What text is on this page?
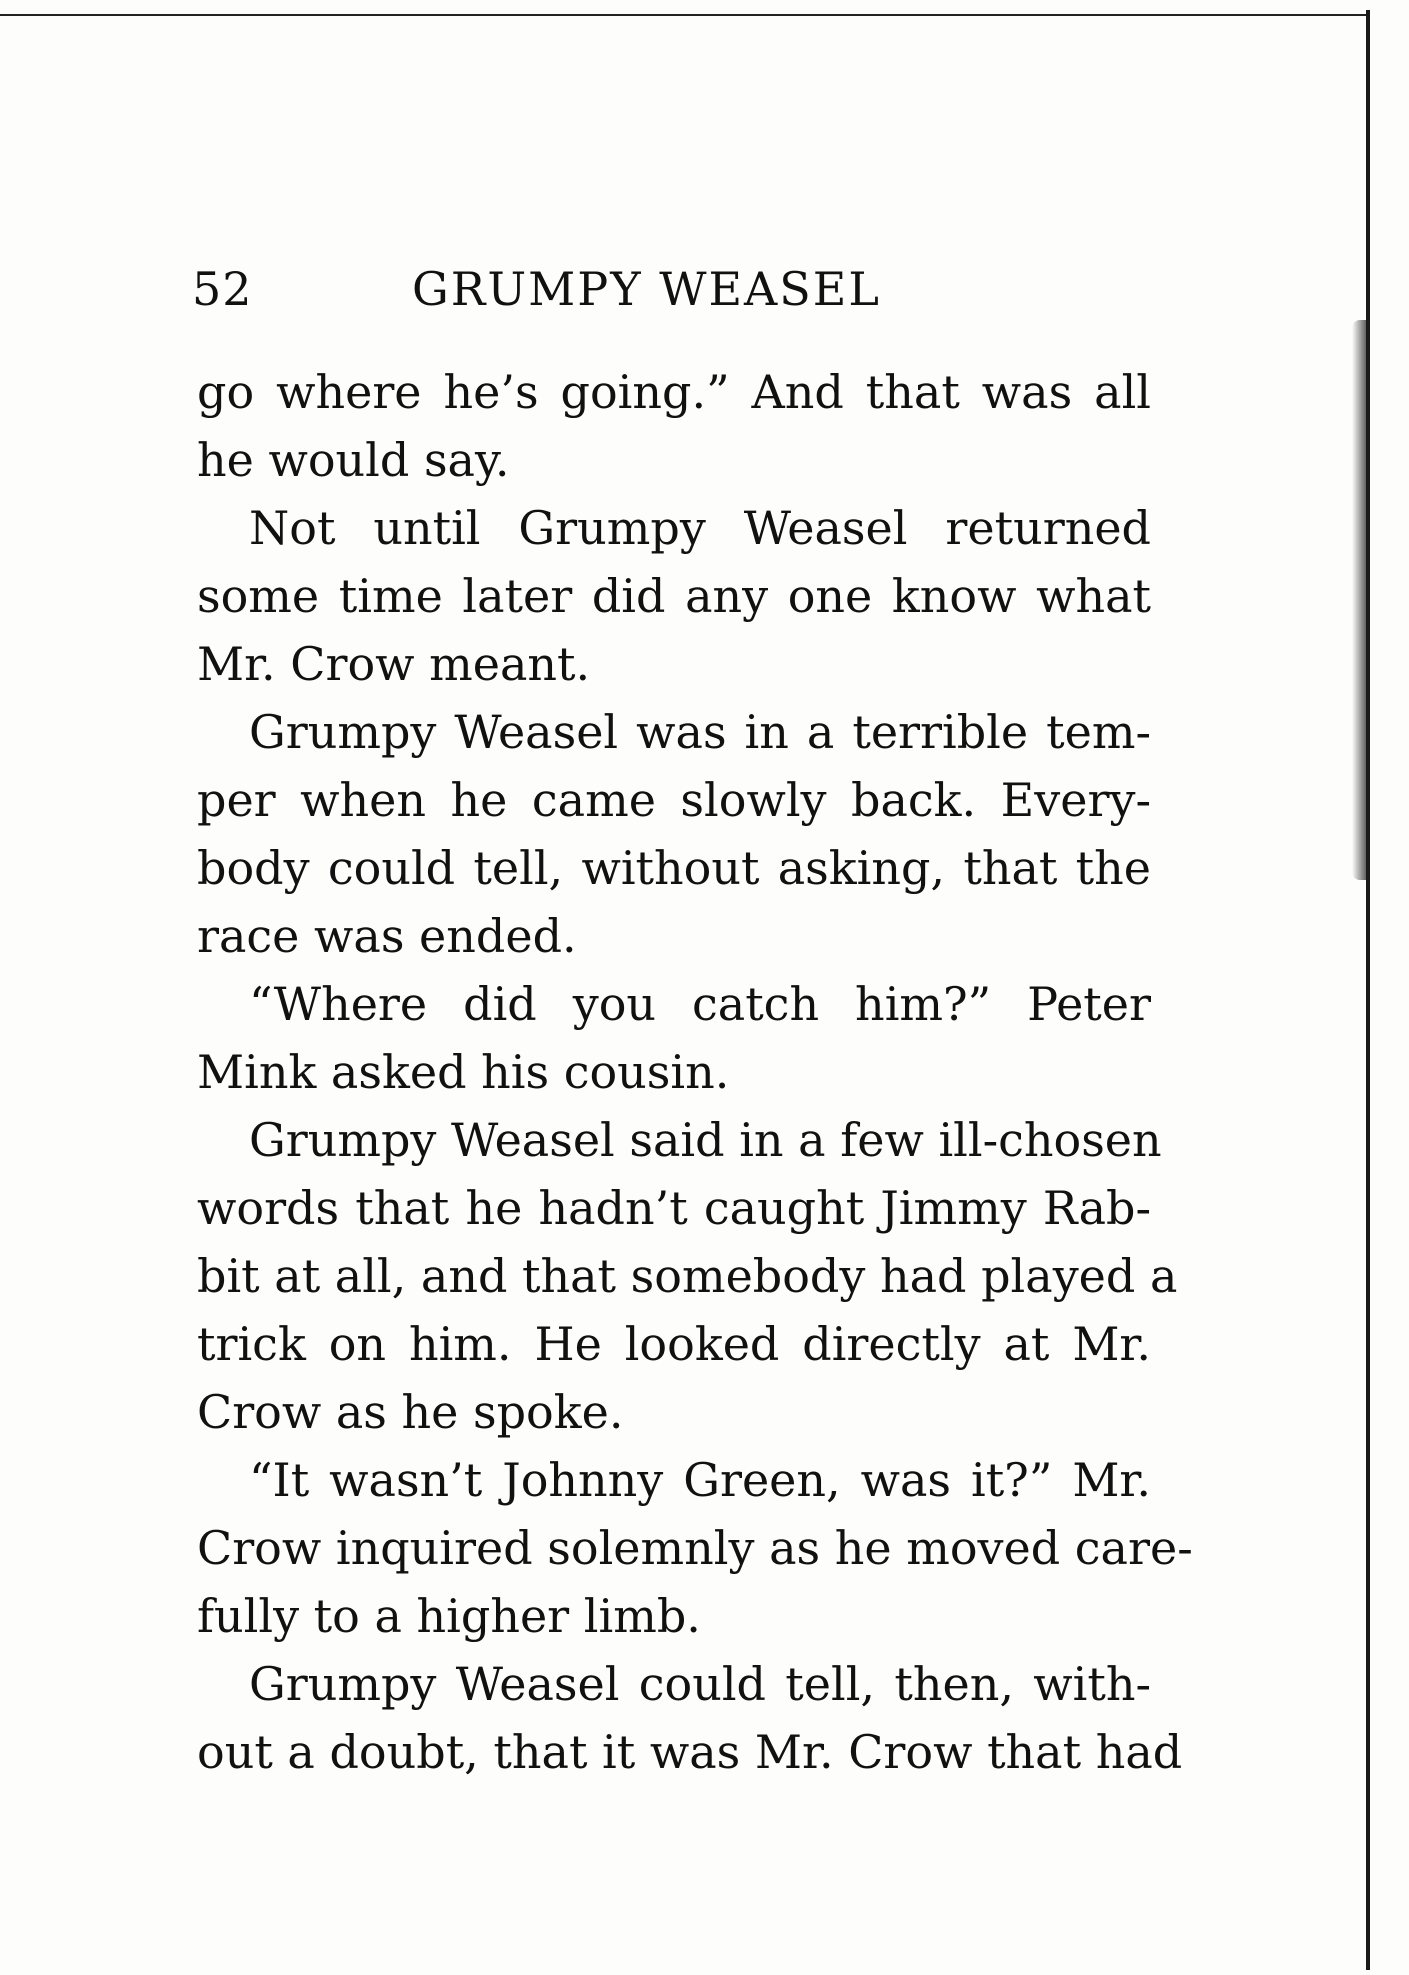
52	GRUMPY WEASEL
go where he’s going.” And that was all
he would say.
Not until Grumpy Weasel returned
some time later did any one know what
Mr. Crow meant.
Grumpy Weasel was in a terrible tem-
per when he came slowly back. Every-
body could tell, without asking, that the
race was ended.
“Where did you catch him?” Peter
Mink asked his cousin.
Grumpy Weasel said in a few ill-chosen
words that he hadn’t caught Jimmy Rab-
bit at all, and that somebody had played a
trick on him. He looked directly at Mr.
Crow as he spoke.
“It wasn’t Johnny Green, was it?” Mr.
Crow inquired solemnly as he moved care-
fully to a higher limb.
Grumpy Weasel could tell, then, with-
out a doubt, that it was Mr. Crow that had
